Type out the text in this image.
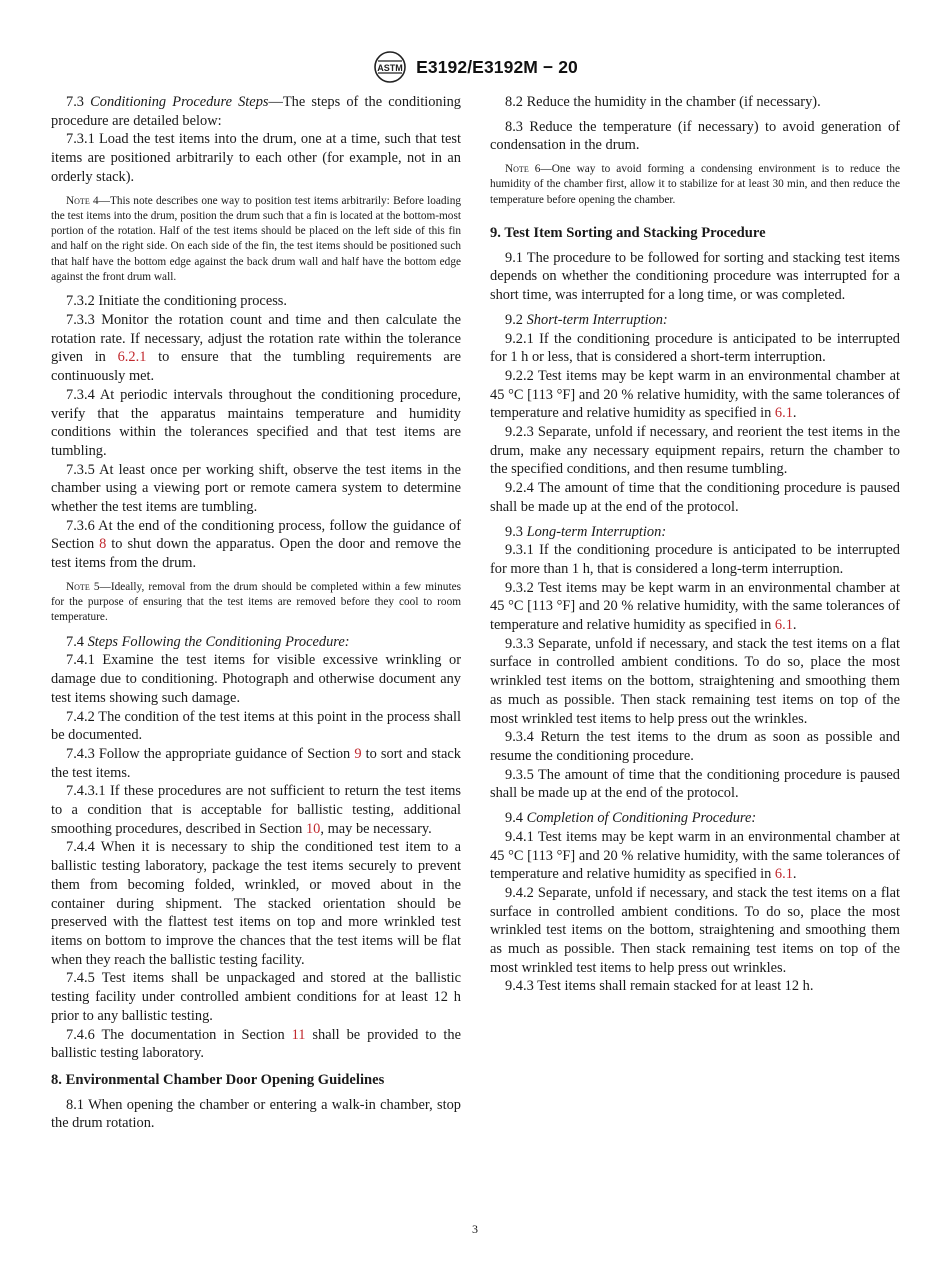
ASTM E3192/E3192M − 20

7.3 Conditioning Procedure Steps—The steps of the conditioning procedure are detailed below:

7.3.1 Load the test items into the drum, one at a time, such that test items are positioned arbitrarily to each other (for example, not in an orderly stack).

Note 4—This note describes one way to position test items arbitrarily: Before loading the test items into the drum, position the drum such that a fin is located at the bottom-most portion of the rotation. Half of the test items should be placed on the left side of this fin and half on the right side. On each side of the fin, the test items should be positioned such that half have the bottom edge against the back drum wall and half have the bottom edge against the front drum wall.

7.3.2 Initiate the conditioning process.

7.3.3 Monitor the rotation count and time and then calculate the rotation rate. If necessary, adjust the rotation rate within the tolerance given in 6.2.1 to ensure that the tumbling requirements are continuously met.

7.3.4 At periodic intervals throughout the conditioning procedure, verify that the apparatus maintains temperature and humidity conditions within the tolerances specified and that test items are tumbling.

7.3.5 At least once per working shift, observe the test items in the chamber using a viewing port or remote camera system to determine whether the test items are tumbling.

7.3.6 At the end of the conditioning process, follow the guidance of Section 8 to shut down the apparatus. Open the door and remove the test items from the drum.

Note 5—Ideally, removal from the drum should be completed within a few minutes for the purpose of ensuring that the test items are removed before they cool to room temperature.

7.4 Steps Following the Conditioning Procedure:

7.4.1 Examine the test items for visible excessive wrinkling or damage due to conditioning. Photograph and otherwise document any test items showing such damage.

7.4.2 The condition of the test items at this point in the process shall be documented.

7.4.3 Follow the appropriate guidance of Section 9 to sort and stack the test items.

7.4.3.1 If these procedures are not sufficient to return the test items to a condition that is acceptable for ballistic testing, additional smoothing procedures, described in Section 10, may be necessary.

7.4.4 When it is necessary to ship the conditioned test item to a ballistic testing laboratory, package the test items securely to prevent them from becoming folded, wrinkled, or moved about in the container during shipment. The stacked orientation should be preserved with the flattest test items on top and more wrinkled test items on bottom to improve the chances that the test items will be flat when they reach the ballistic testing facility.

7.4.5 Test items shall be unpackaged and stored at the ballistic testing facility under controlled ambient conditions for at least 12 h prior to any ballistic testing.

7.4.6 The documentation in Section 11 shall be provided to the ballistic testing laboratory.

8. Environmental Chamber Door Opening Guidelines

8.1 When opening the chamber or entering a walk-in chamber, stop the drum rotation.

8.2 Reduce the humidity in the chamber (if necessary).

8.3 Reduce the temperature (if necessary) to avoid generation of condensation in the drum.

Note 6—One way to avoid forming a condensing environment is to reduce the humidity of the chamber first, allow it to stabilize for at least 30 min, and then reduce the temperature before opening the chamber.

9. Test Item Sorting and Stacking Procedure

9.1 The procedure to be followed for sorting and stacking test items depends on whether the conditioning procedure was interrupted for a short time, was interrupted for a long time, or was completed.

9.2 Short-term Interruption:

9.2.1 If the conditioning procedure is anticipated to be interrupted for 1 h or less, that is considered a short-term interruption.

9.2.2 Test items may be kept warm in an environmental chamber at 45 °C [113 °F] and 20 % relative humidity, with the same tolerances of temperature and relative humidity as specified in 6.1.

9.2.3 Separate, unfold if necessary, and reorient the test items in the drum, make any necessary equipment repairs, return the chamber to the specified conditions, and then resume tumbling.

9.2.4 The amount of time that the conditioning procedure is paused shall be made up at the end of the protocol.

9.3 Long-term Interruption:

9.3.1 If the conditioning procedure is anticipated to be interrupted for more than 1 h, that is considered a long-term interruption.

9.3.2 Test items may be kept warm in an environmental chamber at 45 °C [113 °F] and 20 % relative humidity, with the same tolerances of temperature and relative humidity as specified in 6.1.

9.3.3 Separate, unfold if necessary, and stack the test items on a flat surface in controlled ambient conditions. To do so, place the most wrinkled test items on the bottom, straightening and smoothing them as much as possible. Then stack remaining test items on top of the most wrinkled test items to help press out the wrinkles.

9.3.4 Return the test items to the drum as soon as possible and resume the conditioning procedure.

9.3.5 The amount of time that the conditioning procedure is paused shall be made up at the end of the protocol.

9.4 Completion of Conditioning Procedure:

9.4.1 Test items may be kept warm in an environmental chamber at 45 °C [113 °F] and 20 % relative humidity, with the same tolerances of temperature and relative humidity as specified in 6.1.

9.4.2 Separate, unfold if necessary, and stack the test items on a flat surface in controlled ambient conditions. To do so, place the most wrinkled test items on the bottom, straightening and smoothing them as much as possible. Then stack remaining test items on top of the most wrinkled test items to help press out wrinkles.

9.4.3 Test items shall remain stacked for at least 12 h.

3
